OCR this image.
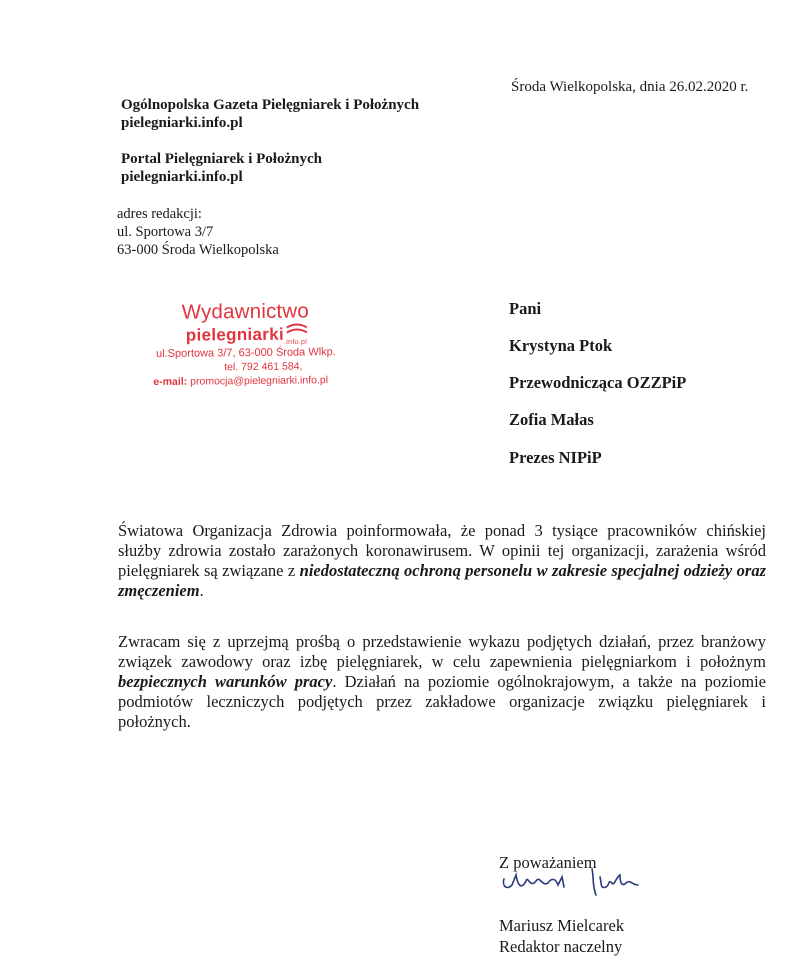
Środa Wielkopolska, dnia 26.02.2020 r.
Ogólnopolska Gazeta Pielęgniarek i Położnych
pielegniarki.info.pl
Portal Pielęgniarek i Położnych
pielegniarki.info.pl
adres redakcji:
ul. Sportowa 3/7
63-000 Środa Wielkopolska
Wydawnictwo
pielegniarki$_{.info.pl}$
ul.Sportowa 3/7, 63-000 Środa Wlkp.
tel. 792 461 584,
e-mail: promocja@pielegniarki.info.pl
Pani
Krystyna Ptok
Przewodnicząca OZZPiP
Zofia Małas
Prezes NIPiP

Światowa Organizacja Zdrowia poinformowała, że ponad 3 tysiące pracowników chińskiej służby zdrowia zostało zarażonych koronawirusem. W opinii tej organizacji, zarażenia wśród pielęgniarek są związane z niedostateczną ochroną personelu w zakresie specjalnej odzieży oraz zmęczeniem.

Zwracam się z uprzejmą prośbą o przedstawienie wykazu podjętych działań, przez branżowy związek zawodowy oraz izbę pielęgniarek, w celu zapewnienia pielęgniarkom i położnym bezpiecznych warunków pracy. Działań na poziomie ogólnokrajowym, a także na poziomie podmiotów leczniczych podjętych przez zakładowe organizacje związku pielęgniarek i położnych.

Z poważaniem
Mariusz Mielcarek
Redaktor naczelny
